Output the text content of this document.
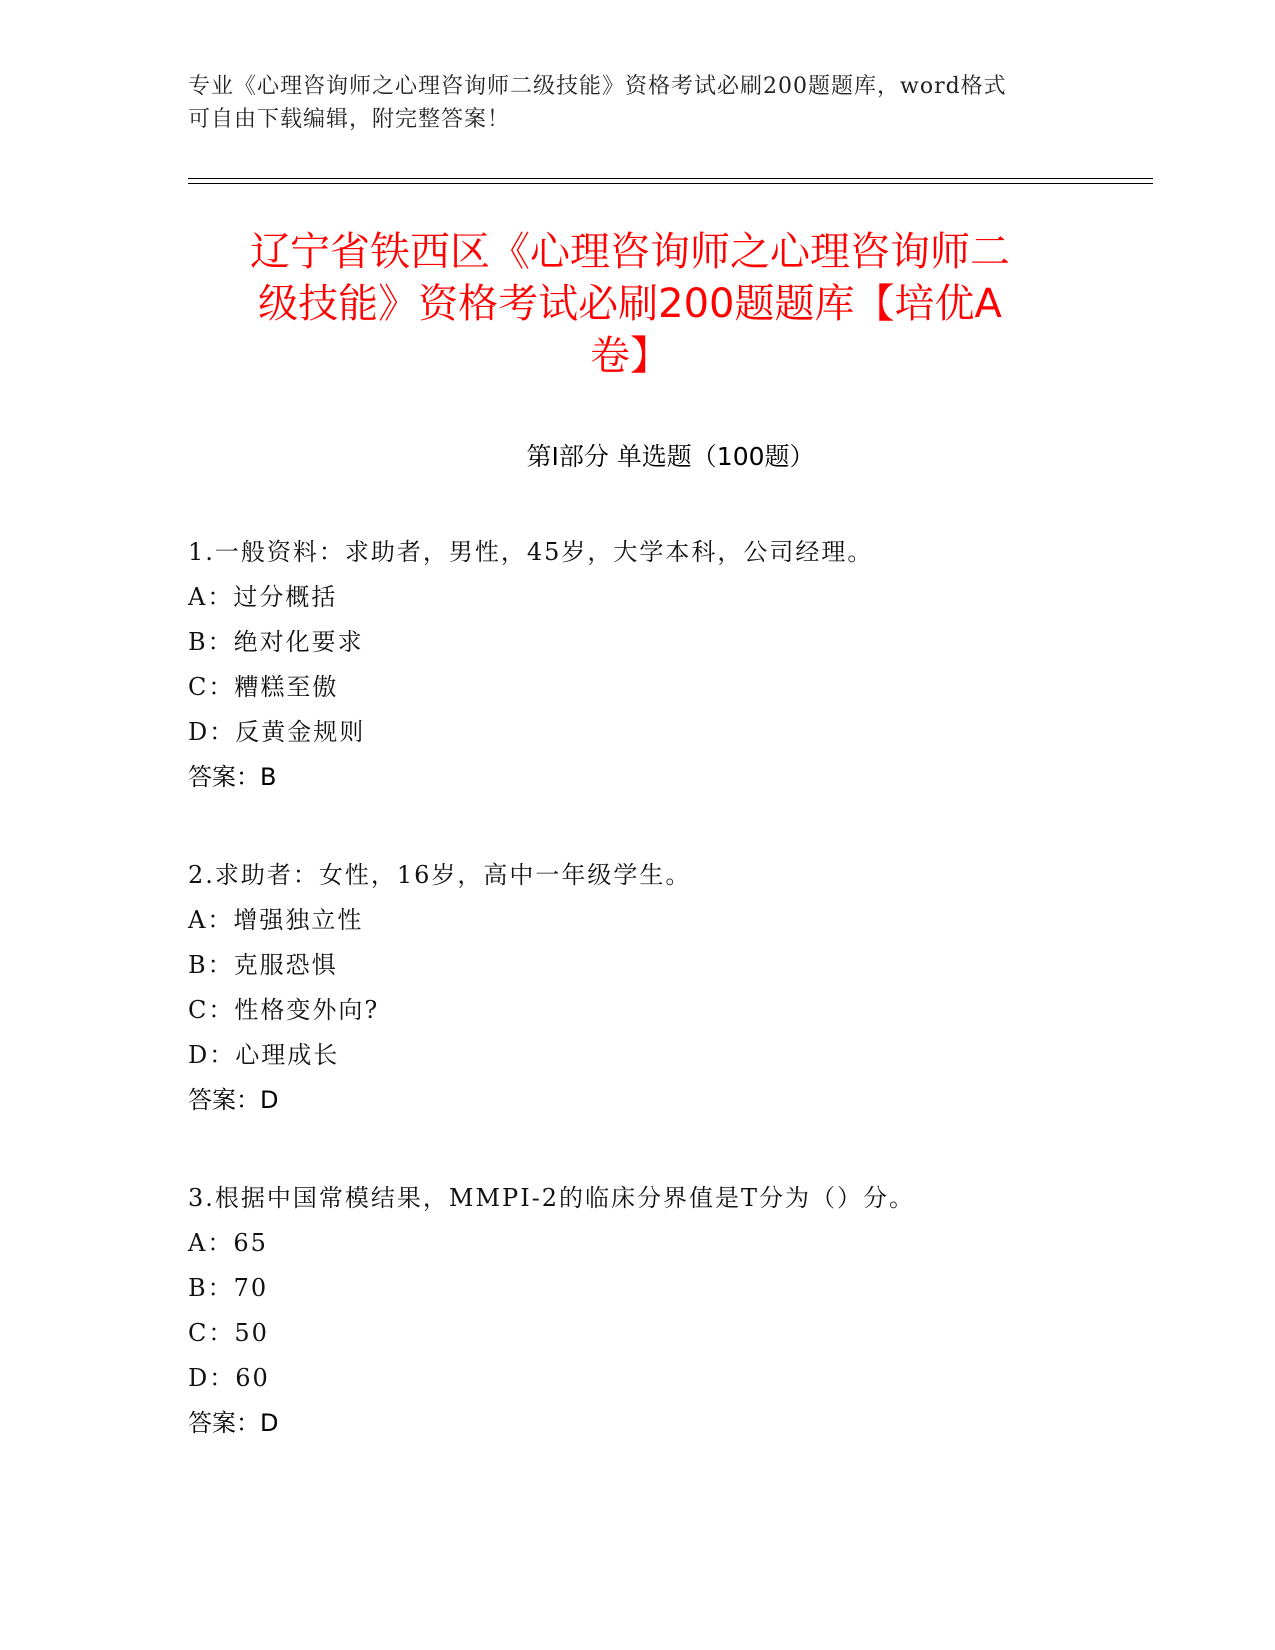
专业《心理咨询师之心理咨询师二级技能》资格考试必刷200题题库，word格式
可自由下载编辑，附完整答案！
辽宁省铁西区《心理咨询师之心理咨询师二
级技能》资格考试必刷200题题库【培优A
卷】
第Ⅰ部分 单选题（100题）
1.一般资料：求助者，男性，45岁，大学本科，公司经理。
A：过分概括
B：绝对化要求
C：糟糕至傲
D：反黄金规则
答案：B
2.求助者：女性，16岁，高中一年级学生。
A：增强独立性
B：克服恐惧
C：性格变外向?
D：心理成长
答案：D
3.根据中国常模结果，MMPI-2的临床分界值是T分为（）分。
A：65
B：70
C：50
D：60
答案：D
